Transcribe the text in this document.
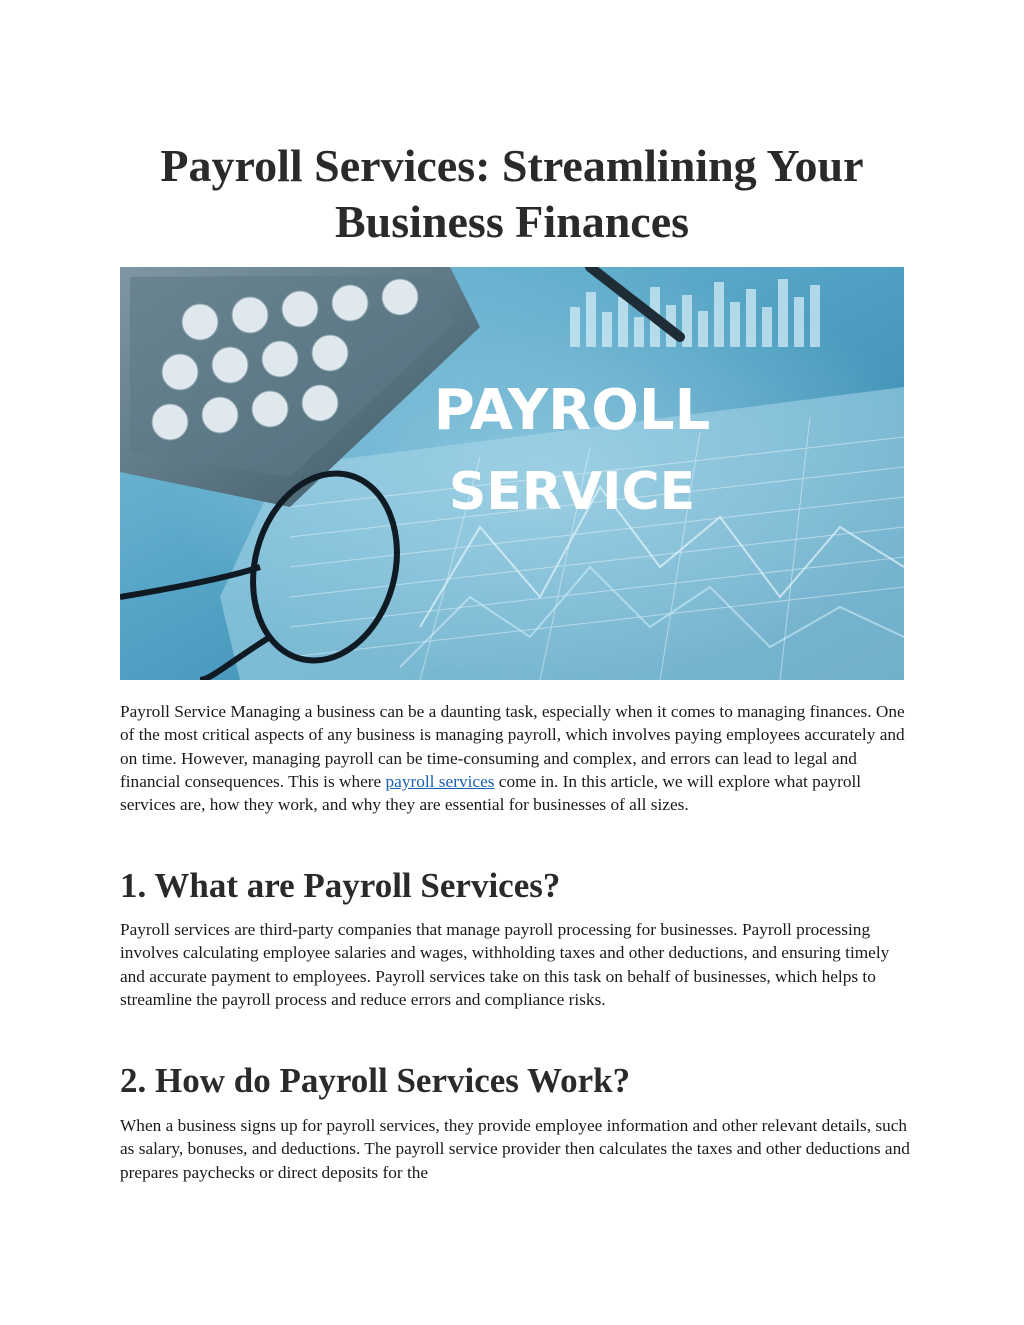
Payroll Services: Streamlining Your Business Finances
PAYROLL
SERVICE

Payroll Service Managing a business can be a daunting task, especially when it comes to managing finances. One of the most critical aspects of any business is managing payroll, which involves paying employees accurately and on time. However, managing payroll can be time-consuming and complex, and errors can lead to legal and financial consequences. This is where payroll services come in. In this article, we will explore what payroll services are, how they work, and why they are essential for businesses of all sizes.

1. What are Payroll Services?

Payroll services are third-party companies that manage payroll processing for businesses. Payroll processing involves calculating employee salaries and wages, withholding taxes and other deductions, and ensuring timely and accurate payment to employees. Payroll services take on this task on behalf of businesses, which helps to streamline the payroll process and reduce errors and compliance risks.

2. How do Payroll Services Work?

When a business signs up for payroll services, they provide employee information and other relevant details, such as salary, bonuses, and deductions. The payroll service provider then calculates the taxes and other deductions and prepares paychecks or direct deposits for the
